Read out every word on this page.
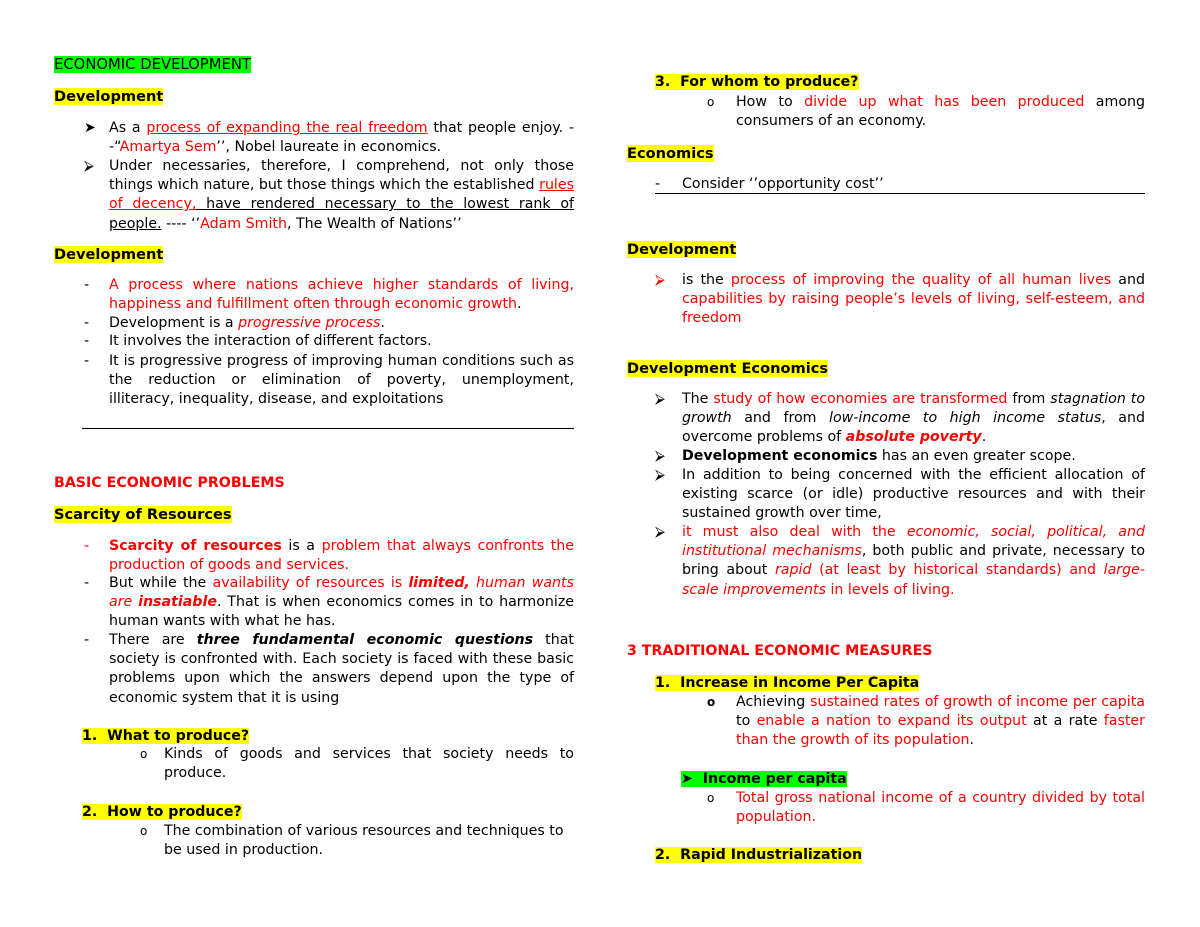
ECONOMIC DEVELOPMENT
Development
➤ As a process of expanding the real freedom that people enjoy. --“Amartya Sem’’, Nobel laureate in economics.
⮚ Under necessaries, therefore, I comprehend, not only those things which nature, but those things which the established rules of decency, have rendered necessary to the lowest rank of people. ---- ‘’Adam Smith, The Wealth of Nations’’
Development
- A process where nations achieve higher standards of living, happiness and fulfillment often through economic growth.
- Development is a progressive process.
- It involves the interaction of different factors.
- It is progressive progress of improving human conditions such as the reduction or elimination of poverty, unemployment, illiteracy, inequality, disease, and exploitations
BASIC ECONOMIC PROBLEMS
Scarcity of Resources
- Scarcity of resources is a problem that always confronts the production of goods and services.
- But while the availability of resources is limited, human wants are insatiable. That is when economics comes in to harmonize human wants with what he has.
- There are three fundamental economic questions that society is confronted with. Each society is faced with these basic problems upon which the answers depend upon the type of economic system that it is using
1. What to produce?
o Kinds of goods and services that society needs to produce.
2. How to produce?
o The combination of various resources and techniques to be used in production.
3. For whom to produce?
o How to divide up what has been produced among consumers of an economy.
Economics
- Consider ‘’opportunity cost’’
Development
⮚ is the process of improving the quality of all human lives and capabilities by raising people’s levels of living, self-esteem, and freedom
Development Economics
⮚ The study of how economies are transformed from stagnation to growth and from low-income to high income status, and overcome problems of absolute poverty.
⮚ Development economics has an even greater scope.
⮚ In addition to being concerned with the efficient allocation of existing scarce (or idle) productive resources and with their sustained growth over time,
⮚ it must also deal with the economic, social, political, and institutional mechanisms, both public and private, necessary to bring about rapid (at least by historical standards) and large-scale improvements in levels of living.
3 TRADITIONAL ECONOMIC MEASURES
1. Increase in Income Per Capita
o Achieving sustained rates of growth of income per capita to enable a nation to expand its output at a rate faster than the growth of its population.
➤ Income per capita
o Total gross national income of a country divided by total population.
2. Rapid Industrialization
